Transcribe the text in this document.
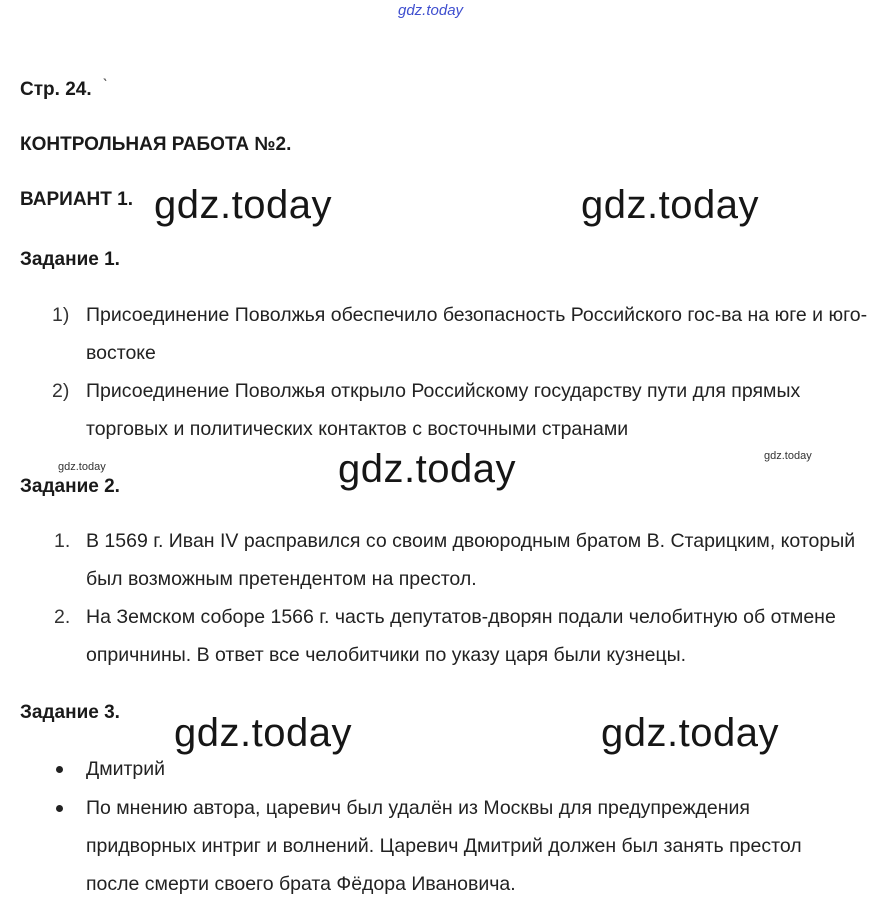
gdz.today
Стр. 24.
КОНТРОЛЬНАЯ РАБОТА №2.
ВАРИАНТ 1. gdz.today	gdz.today
Задание 1.
1) Присоединение Поволжья обеспечило безопасность Российского гос-ва на юге и юго-востоке
2) Присоединение Поволжья открыло Российскому государству пути для прямых торговых и политических контактов с восточными странами
gdz.today
gdz.today
gdz.today
Задание 2.
1. В 1569 г. Иван IV расправился со своим двоюродным братом В. Старицким, который был возможным претендентом на престол.
2. На Земском соборе 1566 г. часть депутатов-дворян подали челобитную об отмене опричнины. В ответ все челобитчики по указу царя были кузнецы.
Задание 3. gdz.today	gdz.today
Дмитрий
По мнению автора, царевич был удалён из Москвы для предупреждения придворных интриг и волнений. Царевич Дмитрий должен был занять престол после смерти своего брата Фёдора Ивановича.
